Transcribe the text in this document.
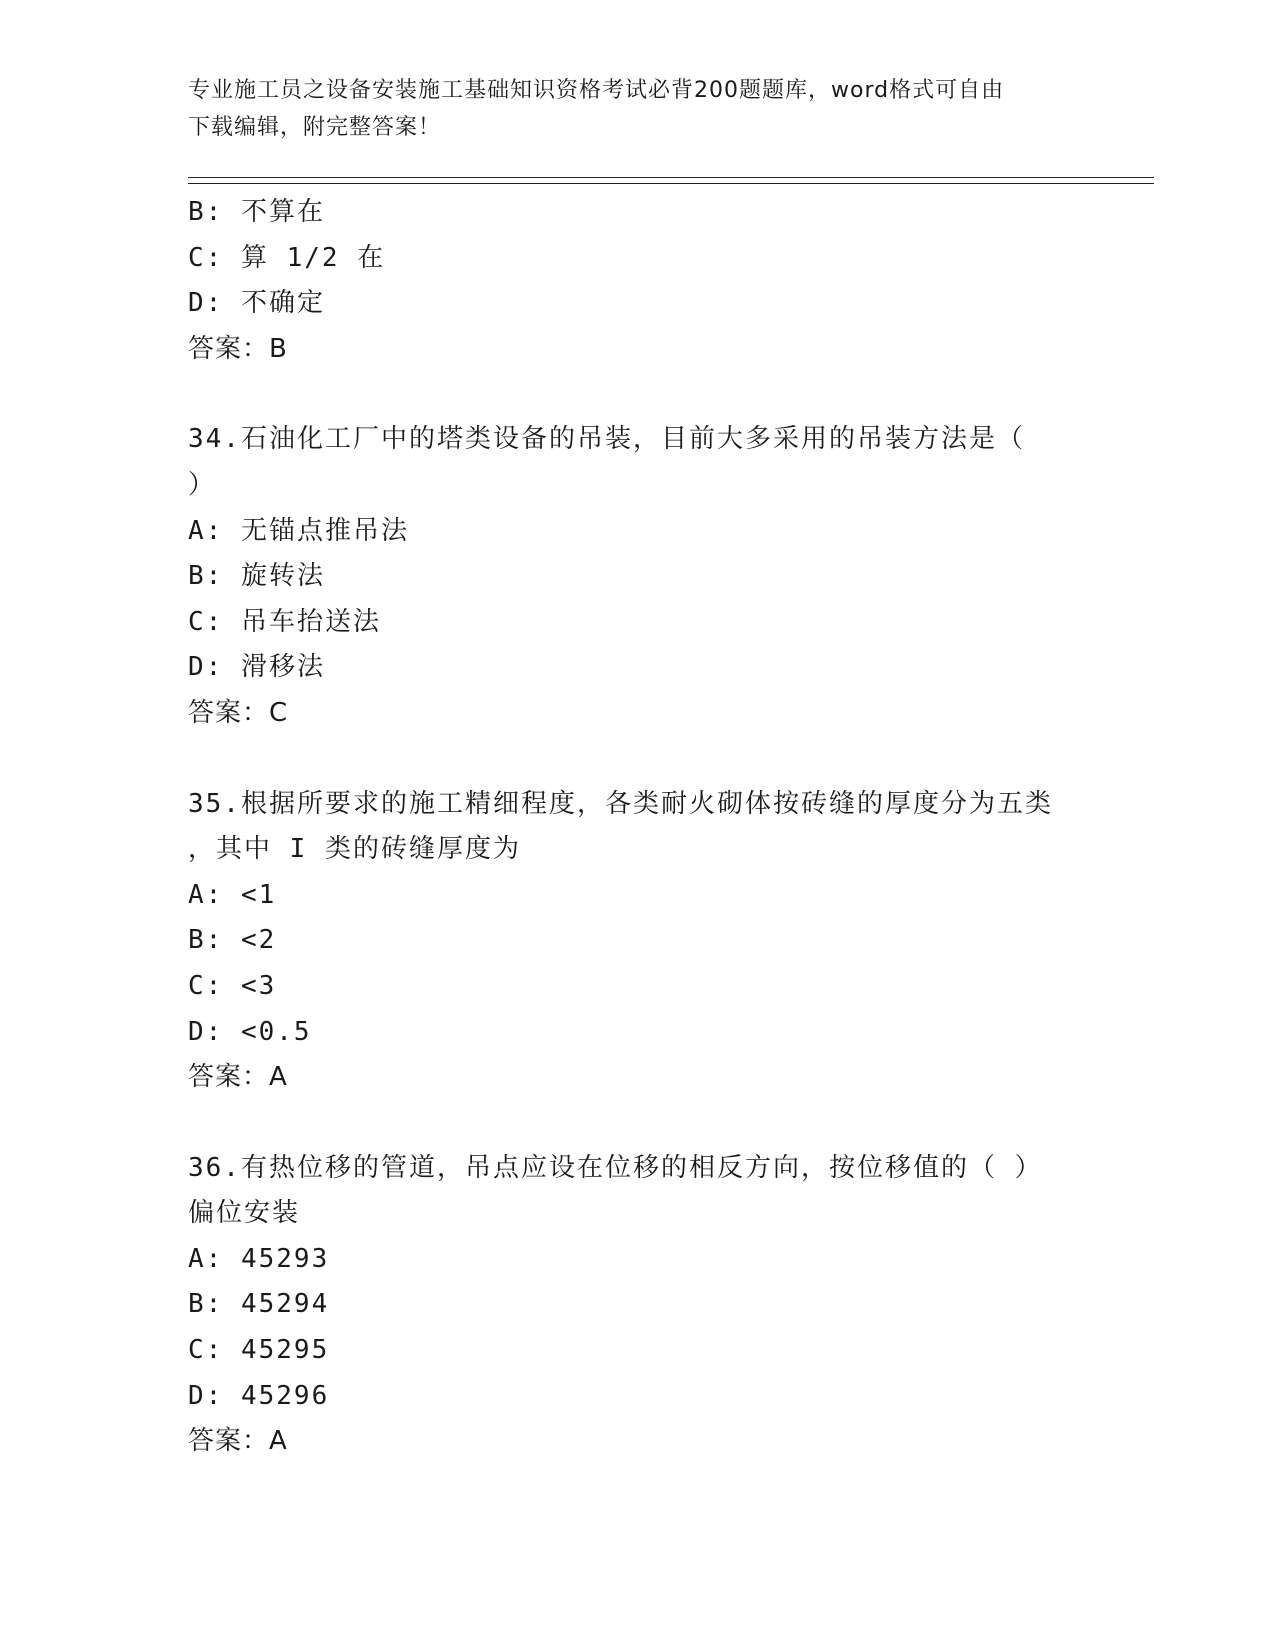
专业施工员之设备安装施工基础知识资格考试必背200题题库，word格式可自由
下载编辑，附完整答案！
B: 不算在
C: 算 1/2 在
D: 不确定
答案：B
34.石油化工厂中的塔类设备的吊装，目前大多采用的吊装方法是（
）
A: 无锚点推吊法
B: 旋转法
C: 吊车抬送法
D: 滑移法
答案：C
35.根据所要求的施工精细程度，各类耐火砌体按砖缝的厚度分为五类
，其中 I 类的砖缝厚度为
A: <1
B: <2
C: <3
D: <0.5
答案：A
36.有热位移的管道，吊点应设在位移的相反方向，按位移值的（ ）
偏位安装
A: 45293
B: 45294
C: 45295
D: 45296
答案：A
